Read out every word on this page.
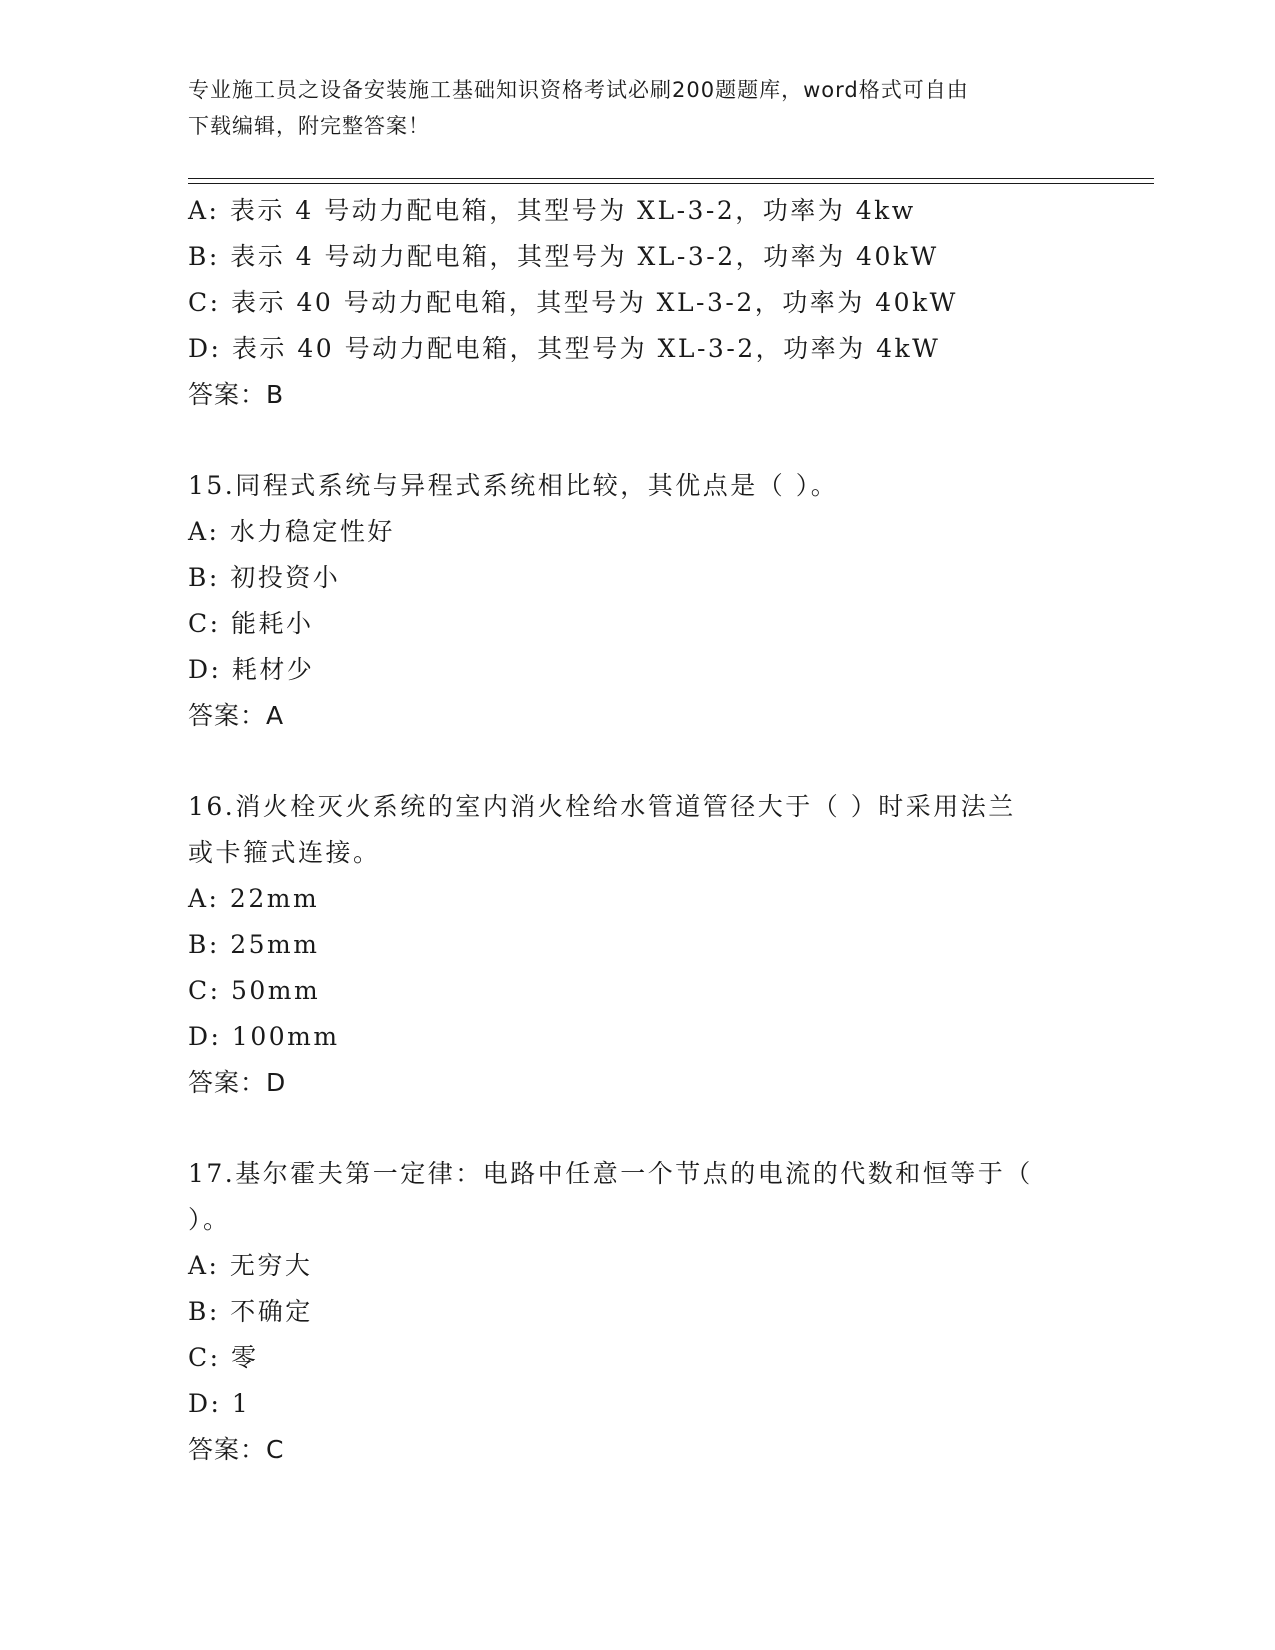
专业施工员之设备安装施工基础知识资格考试必刷200题题库，word格式可自由
下载编辑，附完整答案！
A: 表示 4 号动力配电箱，其型号为 XL-3-2，功率为 4kw
B: 表示 4 号动力配电箱，其型号为 XL-3-2，功率为 40kW
C: 表示 40 号动力配电箱，其型号为 XL-3-2，功率为 40kW
D: 表示 40 号动力配电箱，其型号为 XL-3-2，功率为 4kW
答案：B
15.同程式系统与异程式系统相比较，其优点是（ ）。
A: 水力稳定性好
B: 初投资小
C: 能耗小
D: 耗材少
答案：A
16.消火栓灭火系统的室内消火栓给水管道管径大于（ ）时采用法兰
或卡箍式连接。
A: 22mm
B: 25mm
C: 50mm
D: 100mm
答案：D
17.基尔霍夫第一定律：电路中任意一个节点的电流的代数和恒等于（
）。
A: 无穷大
B: 不确定
C: 零
D: 1
答案：C
